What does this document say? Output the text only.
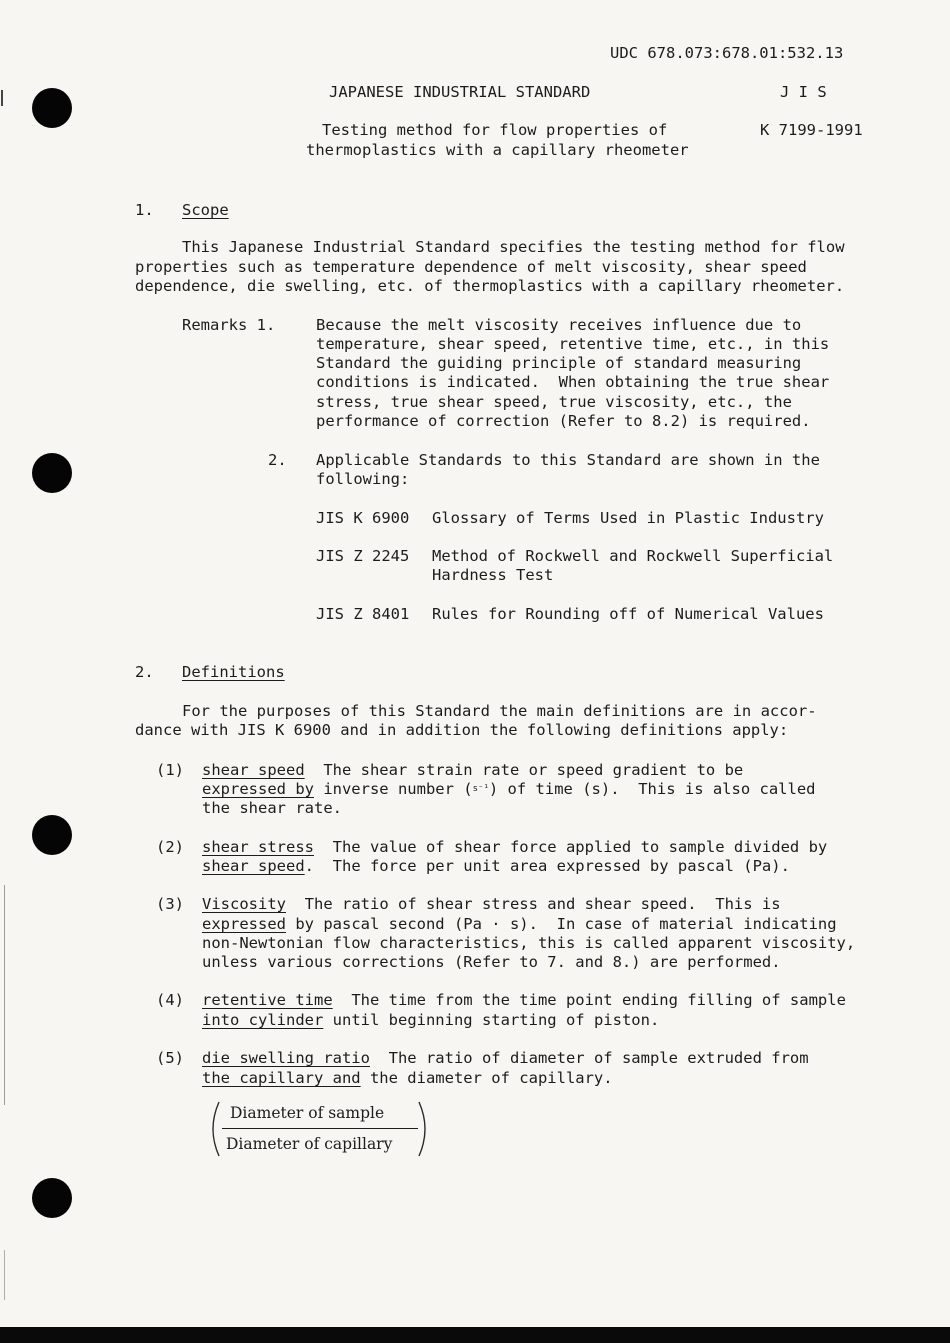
UDC 678.073:678.01:532.13
JAPANESE INDUSTRIAL STANDARD	J I S
Testing method for flow properties of
thermoplastics with a capillary rheometer
K 7199-1991
1. Scope
This Japanese Industrial Standard specifies the testing method for flow
properties such as temperature dependence of melt viscosity, shear speed
dependence, die swelling, etc. of thermoplastics with a capillary rheometer.
Remarks 1.	Because the melt viscosity receives influence due to
temperature, shear speed, retentive time, etc., in this
Standard the guiding principle of standard measuring
conditions is indicated.  When obtaining the true shear
stress, true shear speed, true viscosity, etc., the
performance of correction (Refer to 8.2) is required.
2. Applicable Standards to this Standard are shown in the
following:
JIS K 6900 Glossary of Terms Used in Plastic Industry
JIS Z 2245 Method of Rockwell and Rockwell Superficial
Hardness Test
JIS Z 8401 Rules for Rounding off of Numerical Values
2. Definitions
For the purposes of this Standard the main definitions are in accor-
dance with JIS K 6900 and in addition the following definitions apply:
(1) shear speed  The shear strain rate or speed gradient to be
expressed by inverse number (s⁻¹) of time (s).  This is also called
the shear rate.
(2) shear stress  The value of shear force applied to sample divided by
shear speed.  The force per unit area expressed by pascal (Pa).
(3) Viscosity  The ratio of shear stress and shear speed.  This is
expressed by pascal second (Pa · s).  In case of material indicating
non-Newtonian flow characteristics, this is called apparent viscosity,
unless various corrections (Refer to 7. and 8.) are performed.
(4) retentive time  The time from the time point ending filling of sample
into cylinder until beginning starting of piston.
(5) die swelling ratio  The ratio of diameter of sample extruded from
the capillary and the diameter of capillary.
Diameter of sample
Diameter of capillary
